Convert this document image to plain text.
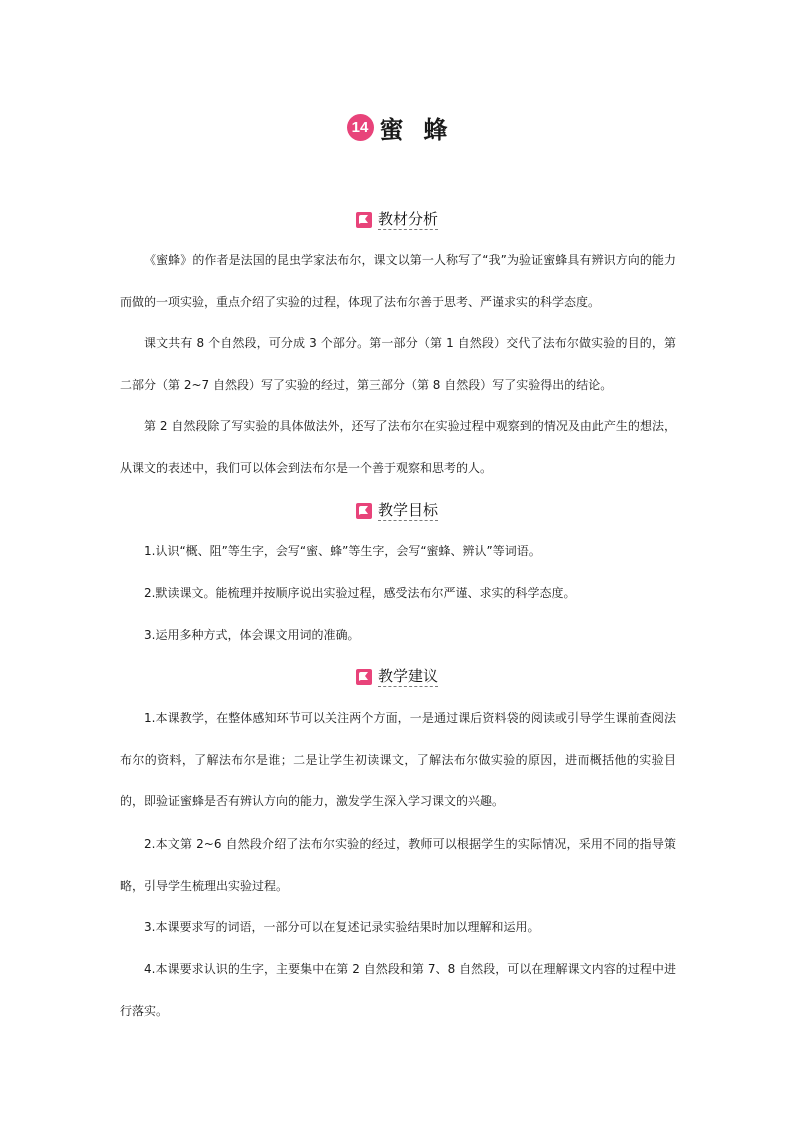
14 蜜蜂
教材分析

《蜜蜂》的作者是法国的昆虫学家法布尔，课文以第一人称写了“我”为验证蜜蜂具有辨识方向的能力而做的一项实验，重点介绍了实验的过程，体现了法布尔善于思考、严谨求实的科学态度。

课文共有 8 个自然段，可分成 3 个部分。第一部分（第 1 自然段）交代了法布尔做实验的目的，第二部分（第 2~7 自然段）写了实验的经过，第三部分（第 8 自然段）写了实验得出的结论。

第 2 自然段除了写实验的具体做法外，还写了法布尔在实验过程中观察到的情况及由此产生的想法，从课文的表述中，我们可以体会到法布尔是一个善于观察和思考的人。

教学目标

1.认识“概、阻”等生字，会写“蜜、蜂”等生字，会写“蜜蜂、辨认”等词语。

2.默读课文。能梳理并按顺序说出实验过程，感受法布尔严谨、求实的科学态度。

3.运用多种方式，体会课文用词的准确。

教学建议

1.本课教学，在整体感知环节可以关注两个方面，一是通过课后资料袋的阅读或引导学生课前查阅法布尔的资料，了解法布尔是谁；二是让学生初读课文，了解法布尔做实验的原因，进而概括他的实验目的，即验证蜜蜂是否有辨认方向的能力，激发学生深入学习课文的兴趣。

2.本文第 2~6 自然段介绍了法布尔实验的经过，教师可以根据学生的实际情况，采用不同的指导策略，引导学生梳理出实验过程。

3.本课要求写的词语，一部分可以在复述记录实验结果时加以理解和运用。

4.本课要求认识的生字，主要集中在第 2 自然段和第 7、8 自然段，可以在理解课文内容的过程中进行落实。
